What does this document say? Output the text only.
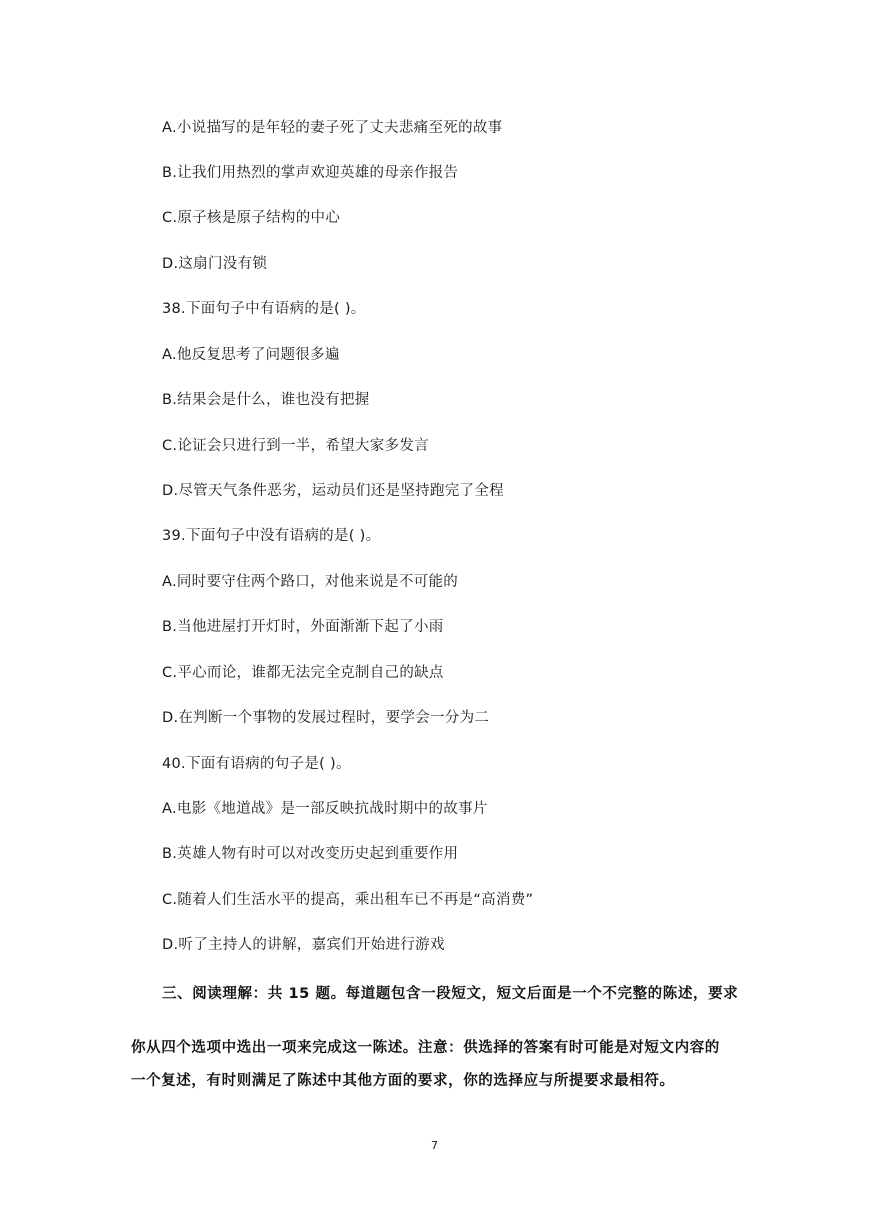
A.小说描写的是年轻的妻子死了丈夫悲痛至死的故事
B.让我们用热烈的掌声欢迎英雄的母亲作报告
C.原子核是原子结构的中心
D.这扇门没有锁
38.下面句子中有语病的是( )。
A.他反复思考了问题很多遍
B.结果会是什么，谁也没有把握
C.论证会只进行到一半，希望大家多发言
D.尽管天气条件恶劣，运动员们还是坚持跑完了全程
39.下面句子中没有语病的是( )。
A.同时要守住两个路口，对他来说是不可能的
B.当他进屋打开灯时，外面渐渐下起了小雨
C.平心而论，谁都无法完全克制自己的缺点
D.在判断一个事物的发展过程时，要学会一分为二
40.下面有语病的句子是( )。
A.电影《地道战》是一部反映抗战时期中的故事片
B.英雄人物有时可以对改变历史起到重要作用
C.随着人们生活水平的提高，乘出租车已不再是“高消费”
D.听了主持人的讲解，嘉宾们开始进行游戏
三、阅读理解：共 15 题。每道题包含一段短文，短文后面是一个不完整的陈述，要求
你从四个选项中选出一项来完成这一陈述。注意：供选择的答案有时可能是对短文内容的
一个复述，有时则满足了陈述中其他方面的要求，你的选择应与所提要求最相符。
7
